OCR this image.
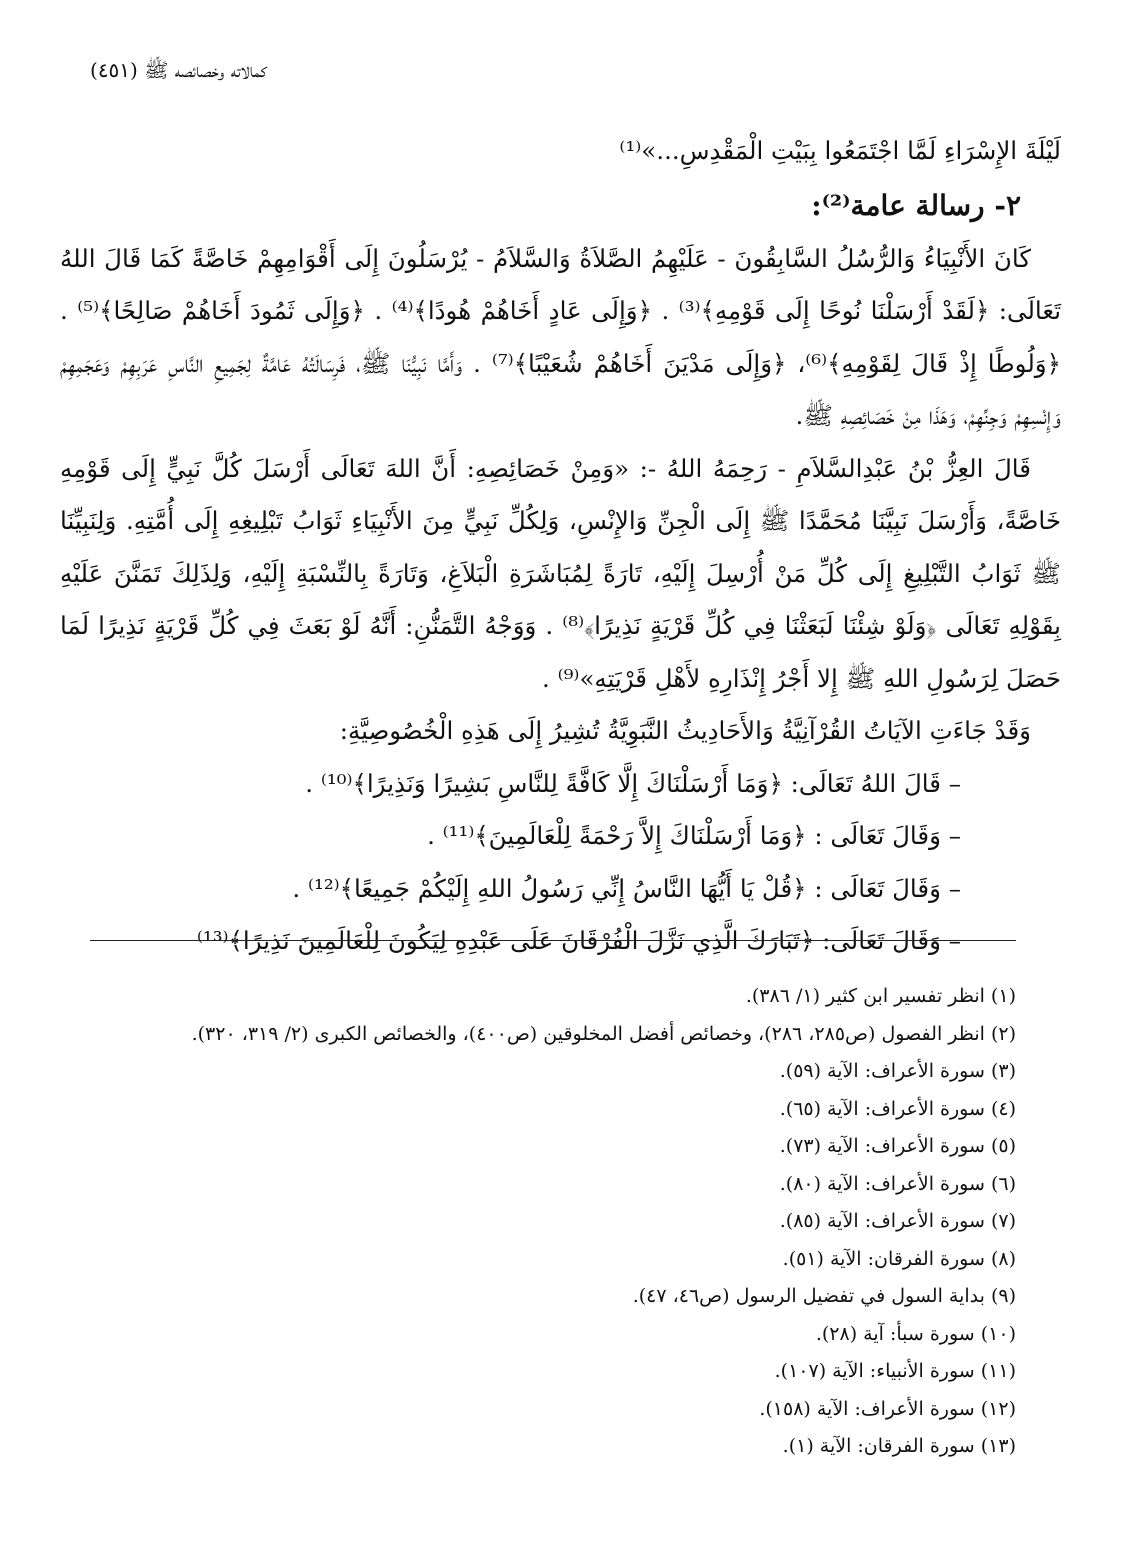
كمالاته وخصائصه ﷺ (٤٥١)

لَيْلَةَ الإِسْرَاءِ لَمَّا اجْتَمَعُوا بِبَيْتِ الْمَقْدِسِ...»⁽¹⁾

٢- رسالة عامة⁽²⁾:

كَانَ الأَنْبِيَاءُ وَالرُّسُلُ السَّابِقُونَ - عَلَيْهِمُ الصَّلاَةُ وَالسَّلاَمُ - يُرْسَلُونَ إِلَى أَقْوَامِهِمْ خَاصَّةً كَمَا قَالَ اللهُ تَعَالَى: ﴿لَقَدْ أَرْسَلْنَا نُوحًا إِلَى قَوْمِهِ﴾⁽³⁾ . ﴿وَإِلَى عَادٍ أَخَاهُمْ هُودًا﴾⁽⁴⁾ . ﴿وَإِلَى ثَمُودَ أَخَاهُمْ صَالِحًا﴾⁽⁵⁾ . ﴿وَلُوطًا إِذْ قَالَ لِقَوْمِهِ﴾⁽⁶⁾، ﴿وَإِلَى مَدْيَنَ أَخَاهُمْ شُعَيْبًا﴾⁽⁷⁾ . وَأَمَّا نَبِيُّنَا ﷺ، فَرِسَالَتُهُ عَامَّةٌ لِجَمِيعِ النَّاسِ عَرَبِهِمْ وَعَجَمِهِمْ وَإِنْسِهِمْ وَجِنِّهِمْ، وَهَذَا مِنْ خَصَائِصِهِ ﷺ.

قَالَ العِزُّ بْنُ عَبْدِالسَّلاَمِ - رَحِمَهُ اللهُ -: «وَمِنْ خَصَائِصِهِ: أَنَّ اللهَ تَعَالَى أَرْسَلَ كُلَّ نَبِيٍّ إِلَى قَوْمِهِ خَاصَّةً، وَأَرْسَلَ نَبِيَّنَا مُحَمَّدًا ﷺ إِلَى الْجِنِّ وَالإِنْسِ، وَلِكُلِّ نَبِيٍّ مِنَ الأَنْبِيَاءِ ثَوَابُ تَبْلِيغِهِ إِلَى أُمَّتِهِ. وَلِنَبِيِّنَا ﷺ ثَوَابُ التَّبْلِيغِ إِلَى كُلِّ مَنْ أُرْسِلَ إِلَيْهِ، تَارَةً لِمُبَاشَرَةِ الْبَلاَغِ، وَتَارَةً بِالنِّسْبَةِ إِلَيْهِ، وَلِذَلِكَ تَمَنَّنَ عَلَيْهِ بِقَوْلِهِ تَعَالَى ﴿وَلَوْ شِئْنَا لَبَعَثْنَا فِي كُلِّ قَرْيَةٍ نَذِيرًا﴾⁽⁸⁾ . وَوَجْهُ التَّمَنُّنِ: أَنَّهُ لَوْ بَعَثَ فِي كُلِّ قَرْيَةٍ نَذِيرًا لَمَا حَصَلَ لِرَسُولِ اللهِ ﷺ إِلا أَجْرُ إِنْذَارِهِ لأَهْلِ قَرْيَتِهِ»⁽⁹⁾ .

وَقَدْ جَاءَتِ الآيَاتُ القُرْآنِيَّةُ وَالأَحَادِيثُ النَّبَوِيَّةُ تُشِيرُ إِلَى هَذِهِ الْخُصُوصِيَّةِ:

– قَالَ اللهُ تَعَالَى: ﴿وَمَا أَرْسَلْنَاكَ إِلَّا كَافَّةً لِلنَّاسِ بَشِيرًا وَنَذِيرًا﴾⁽¹⁰⁾ .
– وَقَالَ تَعَالَى : ﴿وَمَا أَرْسَلْنَاكَ إِلاَّ رَحْمَةً لِلْعَالَمِينَ﴾⁽¹¹⁾ .
– وَقَالَ تَعَالَى : ﴿قُلْ يَا أَيُّهَا النَّاسُ إِنِّي رَسُولُ اللهِ إِلَيْكُمْ جَمِيعًا﴾⁽¹²⁾ .
– وَقَالَ تَعَالَى: ﴿تَبَارَكَ الَّذِي نَزَّلَ الْفُرْقَانَ عَلَى عَبْدِهِ لِيَكُونَ لِلْعَالَمِينَ نَذِيرًا﴾⁽¹³⁾
(١) انظر تفسير ابن كثير (١/ ٣٨٦).
(٢) انظر الفصول (ص٢٨٥، ٢٨٦)، وخصائص أفضل المخلوقين (ص٤٠٠)، والخصائص الكبرى (٢/ ٣١٩، ٣٢٠).
(٣) سورة الأعراف: الآية (٥٩).
(٤) سورة الأعراف: الآية (٦٥).
(٥) سورة الأعراف: الآية (٧٣).
(٦) سورة الأعراف: الآية (٨٠).
(٧) سورة الأعراف: الآية (٨٥).
(٨) سورة الفرقان: الآية (٥١).
(٩) بداية السول في تفضيل الرسول (ص٤٦، ٤٧).
(١٠) سورة سبأ: آية (٢٨).
(١١) سورة الأنبياء: الآية (١٠٧).
(١٢) سورة الأعراف: الآية (١٥٨).
(١٣) سورة الفرقان: الآية (١).
